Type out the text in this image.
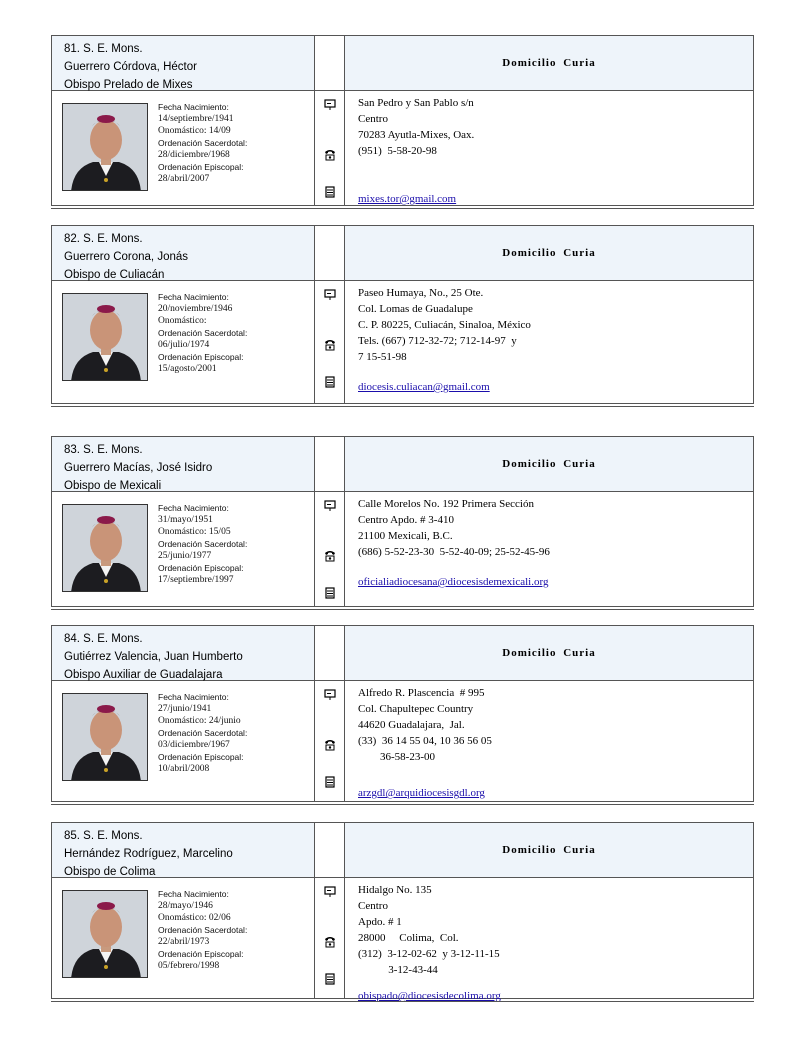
81. S. E. Mons.
Guerrero Córdova, Héctor
Obispo Prelado de Mixes
Domicilio Curia
Fecha Nacimiento:
14/septiembre/1941
Onomástico: 14/09
Ordenación Sacerdotal:
28/diciembre/1968
Ordenación Episcopal:
28/abril/2007
San Pedro y San Pablo s/n
Centro
70283 Ayutla-Mixes, Oax.
(951)  5-58-20-98
mixes.tor@gmail.com
82. S. E. Mons.
Guerrero Corona, Jonás
Obispo de Culiacán
Domicilio Curia
Fecha Nacimiento:
20/noviembre/1946
Onomástico:
Ordenación Sacerdotal:
06/julio/1974
Ordenación Episcopal:
15/agosto/2001
Paseo Humaya, No., 25 Ote.
Col. Lomas de Guadalupe
C. P. 80225, Culiacán, Sinaloa, México
Tels. (667) 712-32-72; 712-14-97  y
7 15-51-98
diocesis.culiacan@gmail.com
83. S. E. Mons.
Guerrero Macías, José Isidro
Obispo de Mexicali
Domicilio Curia
Fecha Nacimiento:
31/mayo/1951
Onomástico: 15/05
Ordenación Sacerdotal:
25/junio/1977
Ordenación Episcopal:
17/septiembre/1997
Calle Morelos No. 192 Primera Sección
Centro Apdo. # 3-410
21100 Mexicali, B.C.
(686) 5-52-23-30  5-52-40-09; 25-52-45-96
oficialiadiocesana@diocesisdemexicali.org
84. S. E. Mons.
Gutiérrez Valencia, Juan Humberto
Obispo Auxiliar de Guadalajara
Domicilio Curia
Fecha Nacimiento:
27/junio/1941
Onomástico: 24/junio
Ordenación Sacerdotal:
03/diciembre/1967
Ordenación Episcopal:
10/abril/2008
Alfredo R. Plascencia  # 995
Col. Chapultepec Country
44620 Guadalajara,  Jal.
(33)  36 14 55 04, 10 36 56 05
36-58-23-00
arzgdl@arquidiocesisgdl.org
85. S. E. Mons.
Hernández Rodríguez, Marcelino
Obispo de Colima
Domicilio Curia
Fecha Nacimiento:
28/mayo/1946
Onomástico: 02/06
Ordenación Sacerdotal:
22/abril/1973
Ordenación Episcopal:
05/febrero/1998
Hidalgo No. 135
Centro
Apdo. # 1
28000     Colima,  Col.
(312)  3-12-02-62  y 3-12-11-15
3-12-43-44
obispado@diocesisdecolima.org
